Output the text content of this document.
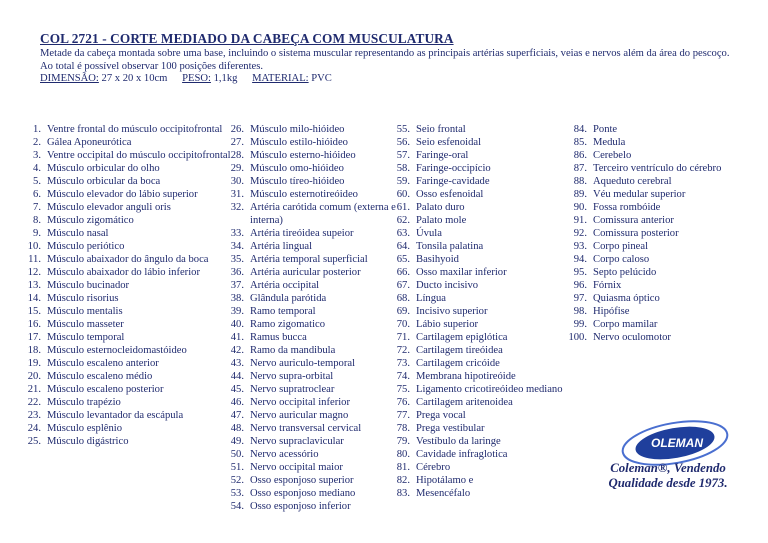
COL 2721 - CORTE MEDIADO DA CABEÇA COM MUSCULATURA

Metade da cabeça montada sobre uma base, incluindo o sistema muscular representando as principais artérias superficiais, veias e nervos além da área do pescoço. Ao total é possível observar 100 posições diferentes.

DIMENSÃO: 27 x 20 x 10cm PESO: 1,1kg MATERIAL: PVC
1. Ventre frontal do músculo occipitofrontal
2. Gálea Aponeurótica
3. Ventre occipital do músculo occipitofrontal
4. Músculo orbicular do olho
5. Músculo orbicular da boca
6. Músculo elevador do lábio superior
7. Músculo elevador anguli oris
8. Músculo zigomático
9. Músculo nasal
10. Músculo periótico
11. Músculo abaixador do ângulo da boca
12. Músculo abaixador do lábio inferior
13. Músculo bucinador
14. Músculo risorius
15. Músculo mentalis
16. Músculo masseter
17. Músculo temporal
18. Músculo esternocleidomastóideo
19. Músculo escaleno anterior
20. Músculo escaleno médio
21. Músculo escaleno posterior
22. Músculo trapézio
23. Músculo levantador da escápula
24. Músculo esplênio
25. Músculo digástrico
26. Músculo milo-hióideo
27. Músculo estilo-hióideo
28. Músculo esterno-hióideo
29. Músculo omo-hióideo
30. Músculo tíreo-hióideo
31. Músculo esternotireóideo
32. Artéria carótida comum (externa e interna)
33. Artéria tireóidea supeior
34. Artéria lingual
35. Artéria temporal superficial
36. Artéria auricular posterior
37. Artéria occipital
38. Glândula parótida
39. Ramo temporal
40. Ramo zigomatico
41. Ramus bucca
42. Ramo da mandibula
43. Nervo auriculo-temporal
44. Nervo supra-orbital
45. Nervo supratroclear
46. Nervo occipital inferior
47. Nervo auricular magno
48. Nervo transversal cervical
49. Nervo supraclavicular
50. Nervo acessório
51. Nervo occipital maior
52. Osso esponjoso superior
53. Osso esponjoso mediano
54. Osso esponjoso inferior
55. Seio frontal
56. Seio esfenoidal
57. Faringe-oral
58. Faringe-occipício
59. Faringe-cavidade
60. Osso esfenoidal
61. Palato duro
62. Palato mole
63. Úvula
64. Tonsila palatina
65. Basihyoid
66. Osso maxilar inferior
67. Ducto incisivo
68. Língua
69. Incisivo superior
70. Lábio superior
71. Cartilagem epiglótica
72. Cartilagem tireóidea
73. Cartilagem cricóide
74. Membrana hipotireóide
75. Ligamento cricotireóideo mediano
76. Cartilagem aritenoidea
77. Prega vocal
78. Prega vestibular
79. Vestíbulo da laringe
80. Cavidade infraglotica
81. Cérebro
82. Hipotálamo e
83. Mesencéfalo
84. Ponte
85. Medula
86. Cerebelo
87. Terceiro ventrículo do cérebro
88. Aqueduto cerebral
89. Véu medular superior
90. Fossa rombóide
91. Comissura anterior
92. Comissura posterior
93. Corpo pineal
94. Corpo caloso
95. Septo pelúcido
96. Fórnix
97. Quiasma óptico
98. Hipófise
99. Corpo mamilar
100. Nervo oculomotor
OLEMAN
Coleman®, Vendendo
Qualidade desde 1973.
